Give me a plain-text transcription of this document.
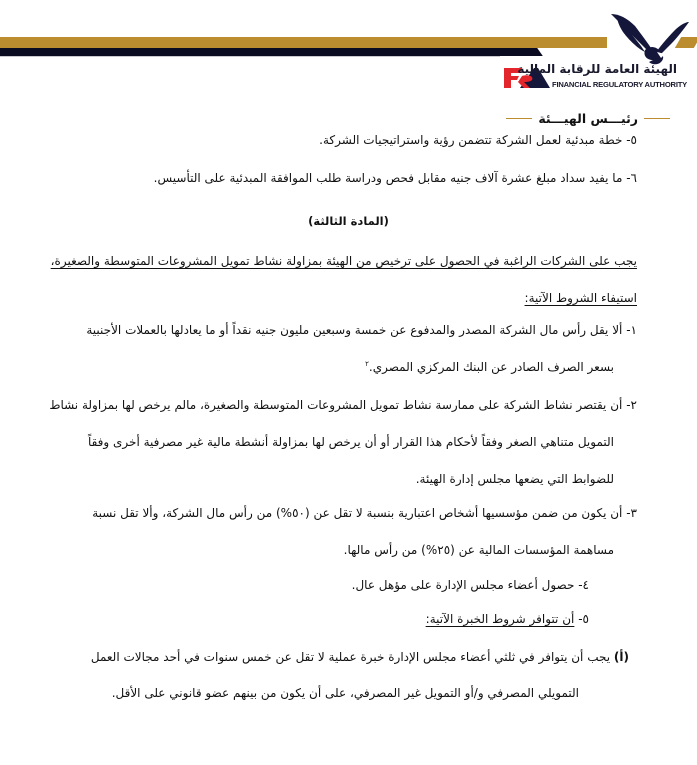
الهيئة العامة للرقابة المالية
FINANCIAL REGULATORY AUTHORITY
رئيـــس الهيـــئة
٥- خطة مبدئية لعمل الشركة تتضمن رؤية واستراتيجيات الشركة.
٦- ما يفيد سداد مبلغ عشرة آلاف جنيه مقابل فحص ودراسة طلب الموافقة المبدئية على التأسيس.
(المادة الثالثة)
يجب على الشركات الراغبة في الحصول على ترخيص من الهيئة بمزاولة نشاط تمويل المشروعات المتوسطة والصغيرة،
استيفاء الشروط الآتية:
١- ألا يقل رأس مال الشركة المصدر والمدفوع عن خمسة وسبعين مليون جنيه نقداً أو ما يعادلها بالعملات الأجنبية
بسعر الصرف الصادر عن البنك المركزي المصري.$^٢$
٢- أن يقتصر نشاط الشركة على ممارسة نشاط تمويل المشروعات المتوسطة والصغيرة، مالم يرخص لها بمزاولة نشاط
التمويل متناهي الصغر وفقاً لأحكام هذا القرار أو أن يرخص لها بمزاولة أنشطة مالية غير مصرفية أخرى وفقاً
للضوابط التي يضعها مجلس إدارة الهيئة.
٣- أن يكون من ضمن مؤسسيها أشخاص اعتبارية بنسبة لا تقل عن (٥٠%) من رأس مال الشركة، وألا تقل نسبة
مساهمة المؤسسات المالية عن (٢٥%) من رأس مالها.
٤- حصول أعضاء مجلس الإدارة على مؤهل عال.
٥- أن تتوافر شروط الخبرة الآتية:
(أ) يجب أن يتوافر في ثلثي أعضاء مجلس الإدارة خبرة عملية لا تقل عن خمس سنوات في أحد مجالات العمل
التمويلي المصرفي و/أو التمويل غير المصرفي، على أن يكون من بينهم عضو قانوني على الأقل.
